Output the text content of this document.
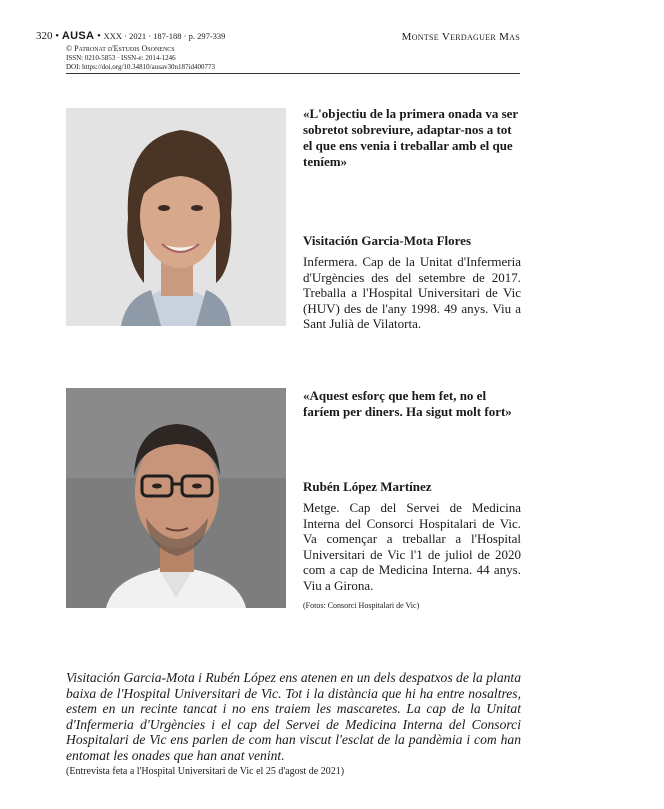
320 • AUSA • XXX · 2021 · 187-188 · p. 297-339
© Patronat d'Estudis Osonencs
ISSN: 0210-5853 · ISSN-e: 2014-1246
DOI: https://doi.org/10.34810/ausav30n187id400773
Montse Verdaguer Mas
«L'objectiu de la primera onada va ser sobretot sobreviure, adaptar-nos a tot el que ens venia i treballar amb el que teníem»
Visitación Garcia-Mota Flores
Infermera. Cap de la Unitat d'Infermeria d'Urgències des del setembre de 2017. Treballa a l'Hospital Universitari de Vic (HUV) des de l'any 1998. 49 anys. Viu a Sant Julià de Vilatorta.
«Aquest esforç que hem fet, no el faríem per diners. Ha sigut molt fort»
Rubén López Martínez
Metge. Cap del Servei de Medicina Interna del Consorci Hospitalari de Vic. Va començar a treballar a l'Hospital Universitari de Vic l'1 de juliol de 2020 com a cap de Medicina Interna. 44 anys. Viu a Girona.
(Fotos: Consorci Hospitalari de Vic)
Visitación Garcia-Mota i Rubén López ens atenen en un dels despatxos de la planta baixa de l'Hospital Universitari de Vic. Tot i la distància que hi ha entre nosaltres, estem en un recinte tancat i no ens traiem les mascaretes. La cap de la Unitat d'Infermeria d'Urgències i el cap del Servei de Medicina Interna del Consorci Hospitalari de Vic ens parlen de com han viscut l'esclat de la pandèmia i com han entomat les onades que han anat venint.
(Entrevista feta a l'Hospital Universitari de Vic el 25 d'agost de 2021)
